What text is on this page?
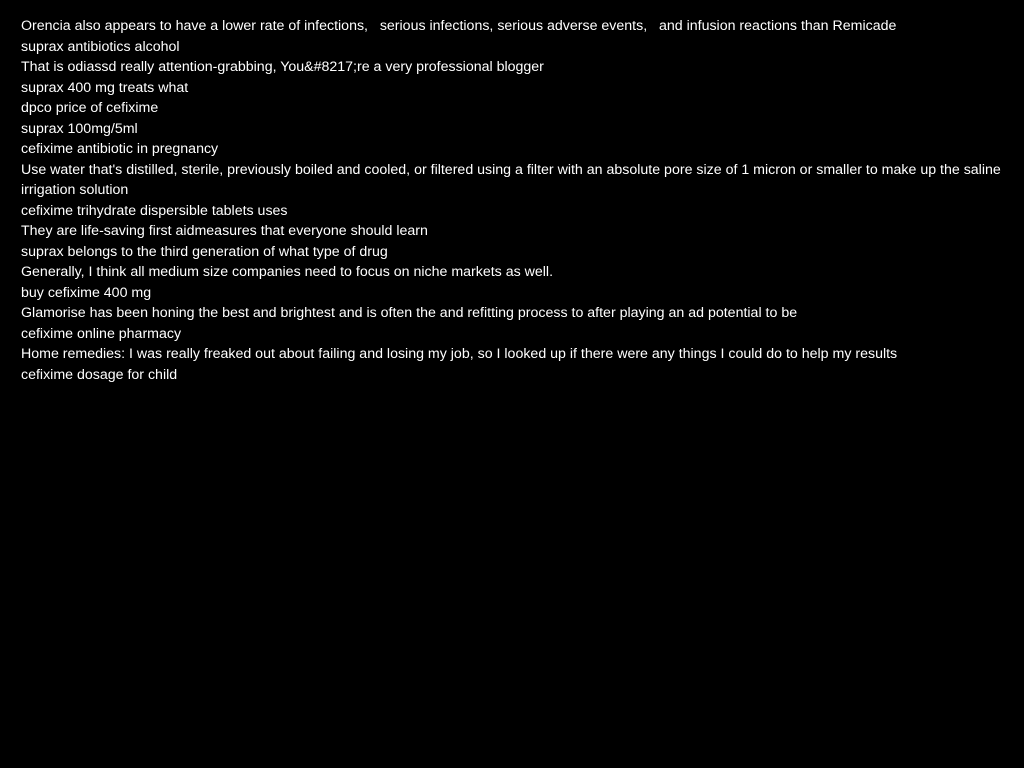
Orencia also appears to have a lower rate of infections,   serious infections, serious adverse events,   and infusion reactions than Remicade
suprax antibiotics alcohol
That is odiassd really attention-grabbing, You&#8217;re a very professional blogger
suprax 400 mg treats what
dpco price of cefixime
suprax 100mg/5ml
cefixime antibiotic in pregnancy
Use water that's distilled, sterile, previously boiled and cooled, or filtered using a filter with an absolute pore size of 1 micron or smaller to make up the saline irrigation solution
cefixime trihydrate dispersible tablets uses
They are life-saving first aidmeasures that everyone should learn
suprax belongs to the third generation of what type of drug
Generally, I think all medium size companies need to focus on niche markets as well.
buy cefixime 400 mg
Glamorise has been honing the best and brightest and is often the and refitting process to after playing an ad potential to be
cefixime online pharmacy
Home remedies: I was really freaked out about failing and losing my job, so I looked up if there were any things I could do to help my results
cefixime dosage for child
